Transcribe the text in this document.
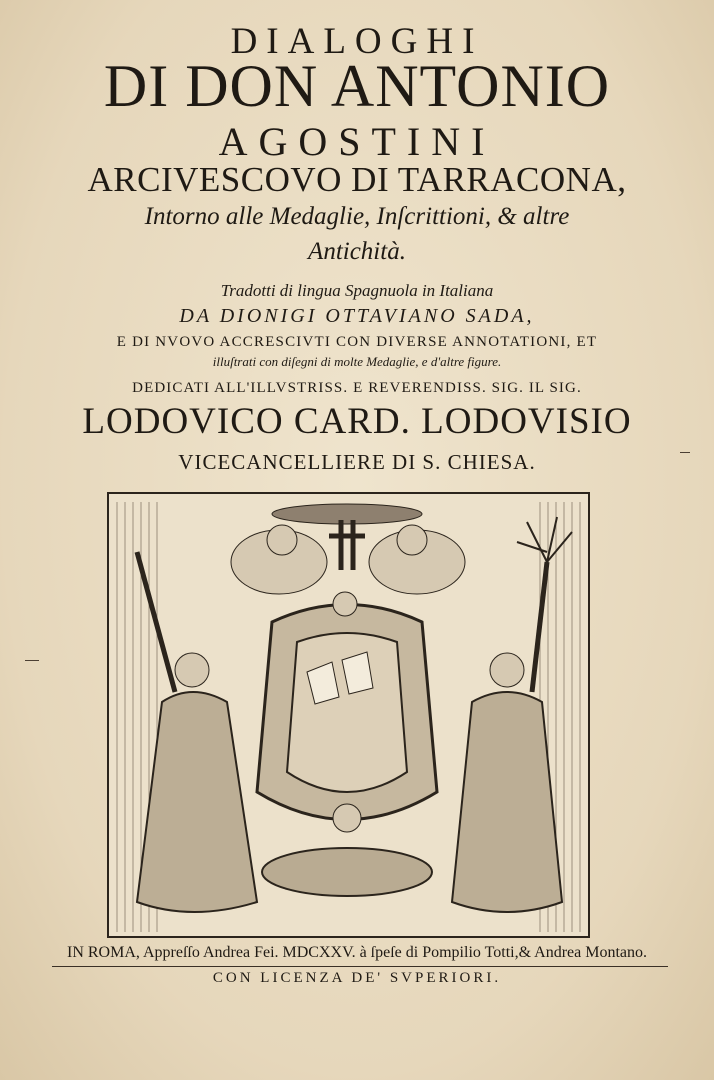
DIALOGHI
DI DON ANTONIO
AGOSTINI
ARCIVESCOVO DI TARRACONA,
Intorno alle Medaglie, Inſcrittioni, & altre
Antichità.
Tradotti di lingua Spagnuola in Italiana
DA DIONIGI OTTAVIANO SADA,
E DI NVOVO ACCRESCIVTI CON DIVERSE ANNOTATIONI, ET
illuſtrati con diſegni di molte Medaglie, e d'altre figure.
DEDICATI ALL'ILLVSTRISS. E REVERENDISS. SIG. IL SIG.
LODOVICO CARD. LODOVISIO
VICECANCELLIERE DI S. CHIESA.
IN ROMA, Appreſſo Andrea Fei. MDCXXV. à ſpeſe di Pompilio Totti,& Andrea Montano.
CON LICENZA DE' SVPERIORI.
